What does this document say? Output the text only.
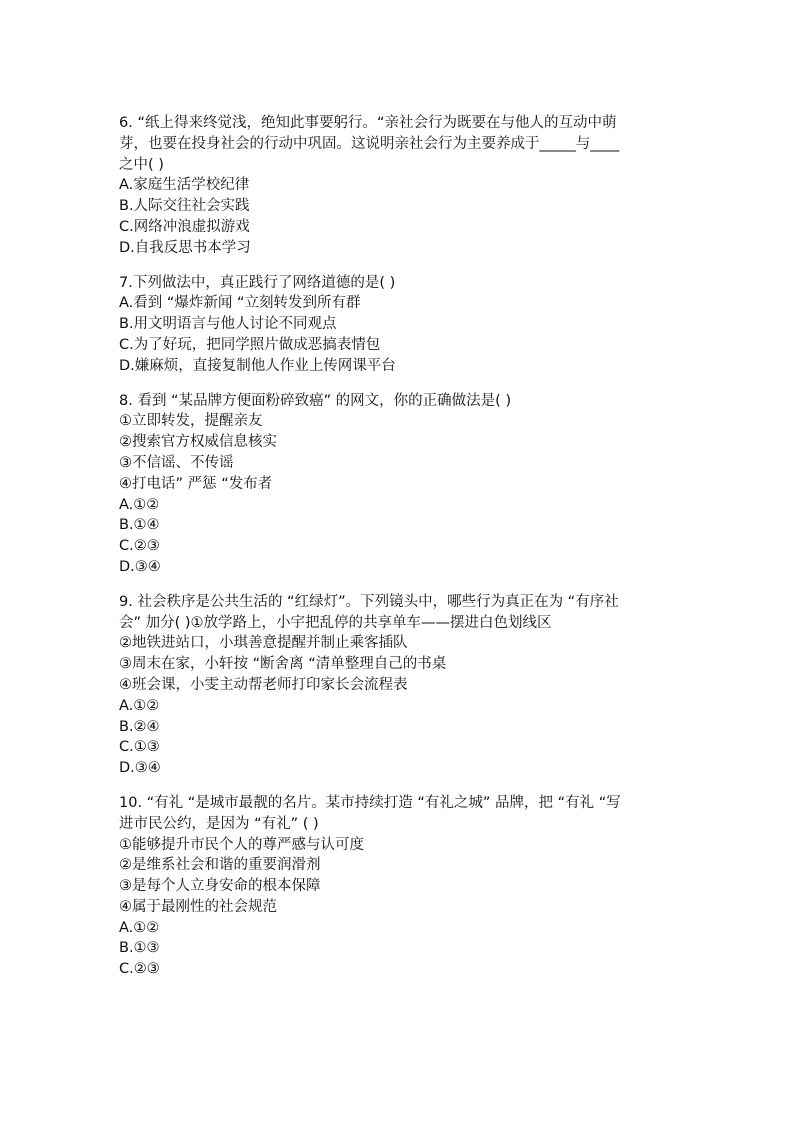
6. “纸上得来终觉浅，绝知此事要躬行。“亲社会行为既要在与他人的互动中萌
芽，也要在投身社会的行动中巩固。这说明亲社会行为主要养成于_____与____
之中( )
A.家庭生活学校纪律
B.人际交往社会实践
C.网络冲浪虚拟游戏
D.自我反思书本学习
7.下列做法中，真正践行了网络道德的是( )
A.看到 “爆炸新闻 “立刻转发到所有群
B.用文明语言与他人讨论不同观点
C.为了好玩，把同学照片做成恶搞表情包
D.嫌麻烦，直接复制他人作业上传网课平台
8. 看到 “某品牌方便面粉碎致癌” 的网文，你的正确做法是( )
①立即转发，提醒亲友
②搜索官方权威信息核实
③不信谣、不传谣
④打电话” 严惩 “发布者
A.①②
B.①④
C.②③
D.③④
9. 社会秩序是公共生活的 “红绿灯”。下列镜头中，哪些行为真正在为 “有序社
会” 加分( )①放学路上，小宇把乱停的共享单车——摆进白色划线区
②地铁进站口，小琪善意提醒并制止乘客插队
③周末在家，小轩按 “断舍离 “清单整理自己的书桌
④班会课，小雯主动帮老师打印家长会流程表
A.①②
B.②④
C.①③
D.③④
10. “有礼 “是城市最靓的名片。某市持续打造 “有礼之城” 品牌，把 “有礼 “写
进市民公约，是因为 “有礼” ( )
①能够提升市民个人的尊严感与认可度
②是维系社会和谐的重要润滑剂
③是每个人立身安命的根本保障
④属于最刚性的社会规范
A.①②
B.①③
C.②③
